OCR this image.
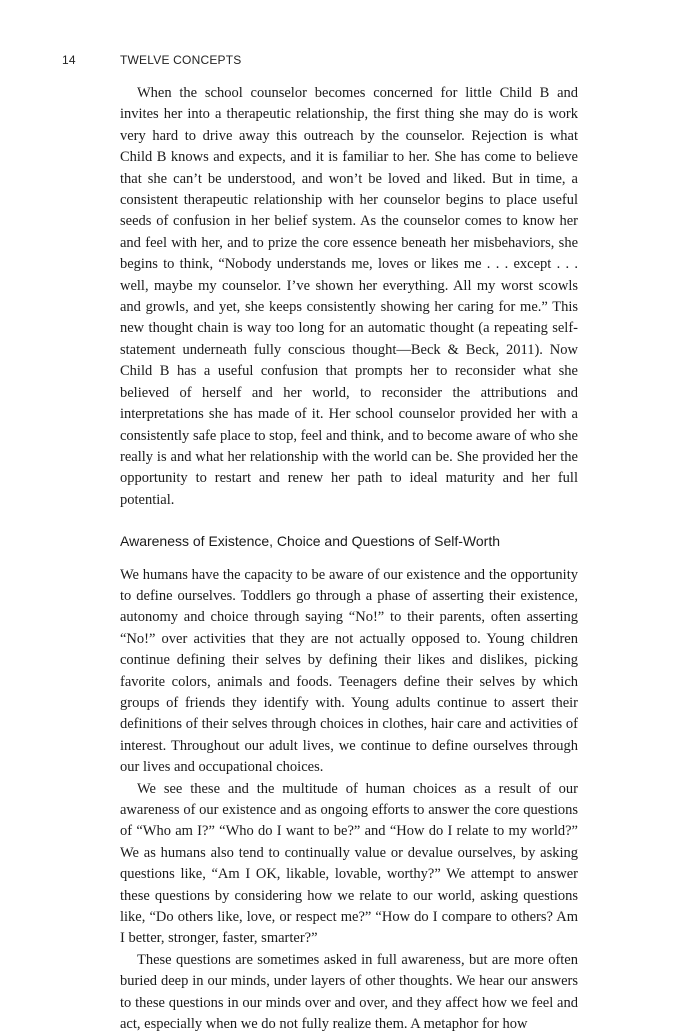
14	TWELVE CONCEPTS

When the school counselor becomes concerned for little Child B and invites her into a therapeutic relationship, the first thing she may do is work very hard to drive away this outreach by the counselor. Rejection is what Child B knows and expects, and it is familiar to her. She has come to believe that she can’t be understood, and won’t be loved and liked. But in time, a consistent therapeutic relationship with her counselor begins to place useful seeds of confusion in her belief system. As the counselor comes to know her and feel with her, and to prize the core essence beneath her misbehaviors, she begins to think, “Nobody understands me, loves or likes me . . . except . . . well, maybe my counselor. I’ve shown her everything. All my worst scowls and growls, and yet, she keeps consistently showing her caring for me.” This new thought chain is way too long for an automatic thought (a repeating self-statement underneath fully conscious thought—Beck & Beck, 2011). Now Child B has a useful confusion that prompts her to reconsider what she believed of herself and her world, to reconsider the attributions and interpretations she has made of it. Her school counselor provided her with a consistently safe place to stop, feel and think, and to become aware of who she really is and what her relationship with the world can be. She provided her the opportunity to restart and renew her path to ideal maturity and her full potential.

Awareness of Existence, Choice and Questions of Self-Worth

We humans have the capacity to be aware of our existence and the opportunity to define ourselves. Toddlers go through a phase of asserting their existence, autonomy and choice through saying “No!” to their parents, often asserting “No!” over activities that they are not actually opposed to. Young children continue defining their selves by defining their likes and dislikes, picking favorite colors, animals and foods. Teenagers define their selves by which groups of friends they identify with. Young adults continue to assert their definitions of their selves through choices in clothes, hair care and activities of interest. Throughout our adult lives, we continue to define ourselves through our lives and occupational choices.

We see these and the multitude of human choices as a result of our awareness of our existence and as ongoing efforts to answer the core questions of “Who am I?” “Who do I want to be?” and “How do I relate to my world?” We as humans also tend to continually value or devalue ourselves, by asking questions like, “Am I OK, likable, lovable, worthy?” We attempt to answer these questions by considering how we relate to our world, asking questions like, “Do others like, love, or respect me?” “How do I compare to others? Am I better, stronger, faster, smarter?”

These questions are sometimes asked in full awareness, but are more often buried deep in our minds, under layers of other thoughts. We hear our answers to these questions in our minds over and over, and they affect how we feel and act, especially when we do not fully realize them. A metaphor for how
